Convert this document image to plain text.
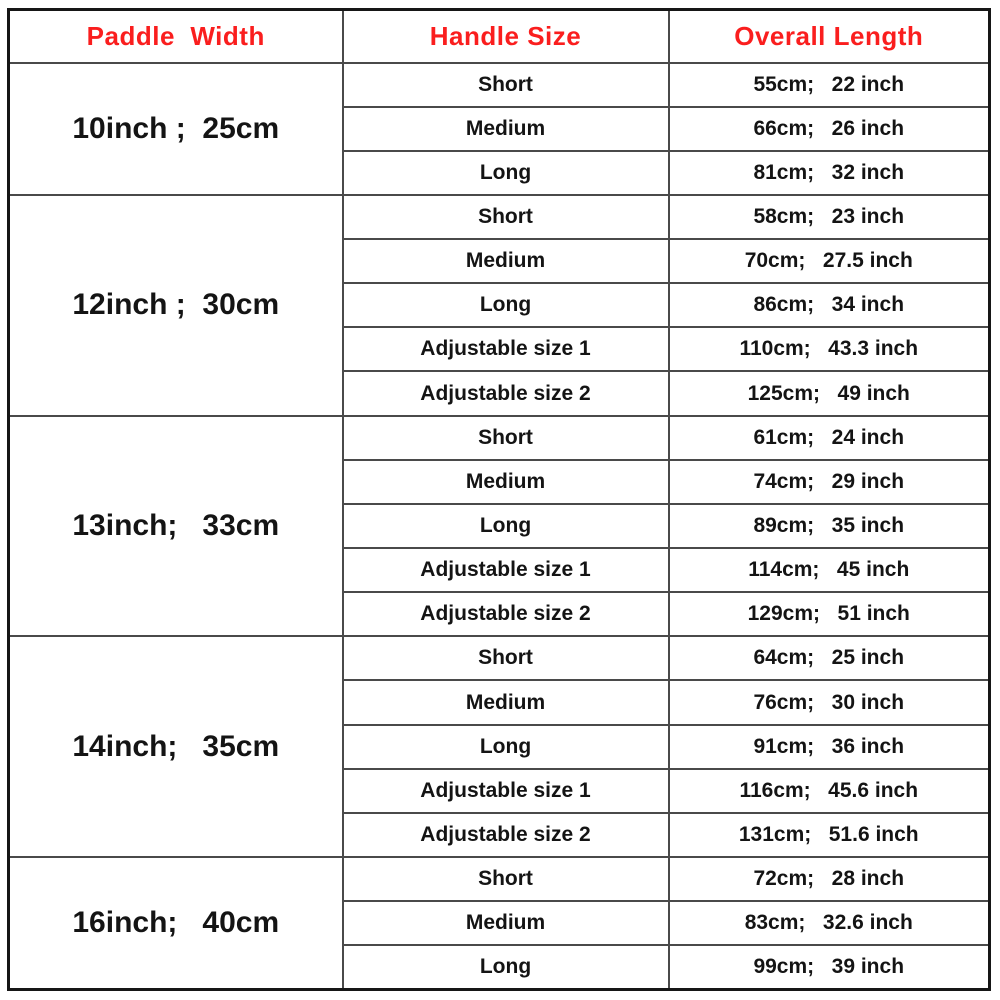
Paddle  Width	Handle Size	Overall Length
10inch ;  25cm	Short	55cm;   22 inch
	Medium	66cm;   26 inch
	Long	81cm;   32 inch
12inch ;  30cm	Short	58cm;   23 inch
	Medium	70cm;   27.5 inch
	Long	86cm;   34 inch
	Adjustable size 1	110cm;   43.3 inch
	Adjustable size 2	125cm;   49 inch
13inch;   33cm	Short	61cm;   24 inch
	Medium	74cm;   29 inch
	Long	89cm;   35 inch
	Adjustable size 1	114cm;   45 inch
	Adjustable size 2	129cm;   51 inch
14inch;   35cm	Short	64cm;   25 inch
	Medium	76cm;   30 inch
	Long	91cm;   36 inch
	Adjustable size 1	116cm;   45.6 inch
	Adjustable size 2	131cm;   51.6 inch
16inch;   40cm	Short	72cm;   28 inch
	Medium	83cm;   32.6 inch
	Long	99cm;   39 inch
